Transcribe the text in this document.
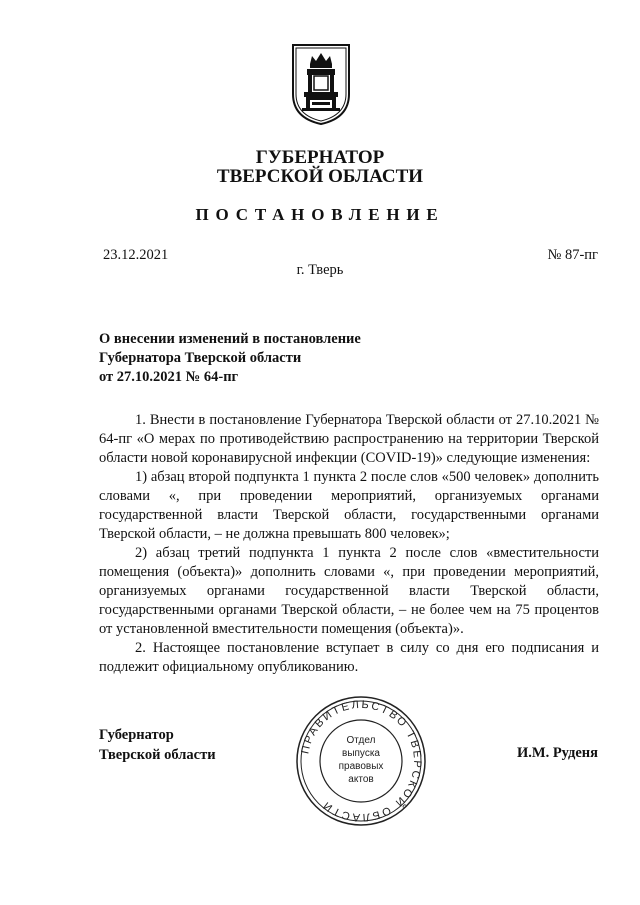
ГУБЕРНАТОР
ТВЕРСКОЙ ОБЛАСТИ
ПОСТАНОВЛЕНИЕ
23.12.2021	№ 87-пг
г. Тверь
О внесении изменений в постановление
Губернатора Тверской области
от 27.10.2021 № 64-пг

1. Внести в постановление Губернатора Тверской области от 27.10.2021 № 64-пг «О мерах по противодействию распространению на территории Тверской области новой коронавирусной инфекции (COVID-19)» следующие изменения:

1) абзац второй подпункта 1 пункта 2 после слов «500 человек» дополнить словами «, при проведении мероприятий, организуемых органами государственной власти Тверской области, государственными органами Тверской области, – не должна превышать 800 человек»;

2) абзац третий подпункта 1 пункта 2 после слов «вместительности помещения (объекта)» дополнить словами «, при проведении мероприятий, организуемых органами государственной власти Тверской области, государственными органами Тверской области, – не более чем на 75 процентов от установленной вместительности помещения (объекта)».

2. Настоящее постановление вступает в силу со дня его подписания и подлежит официальному опубликованию.

Губернатор
Тверской области	И.М. Руденя
ПРАВИТЕЛЬСТВО ТВЕРСКОЙ ОБЛАСТИ
Отдел
выпуска
правовых
актов
